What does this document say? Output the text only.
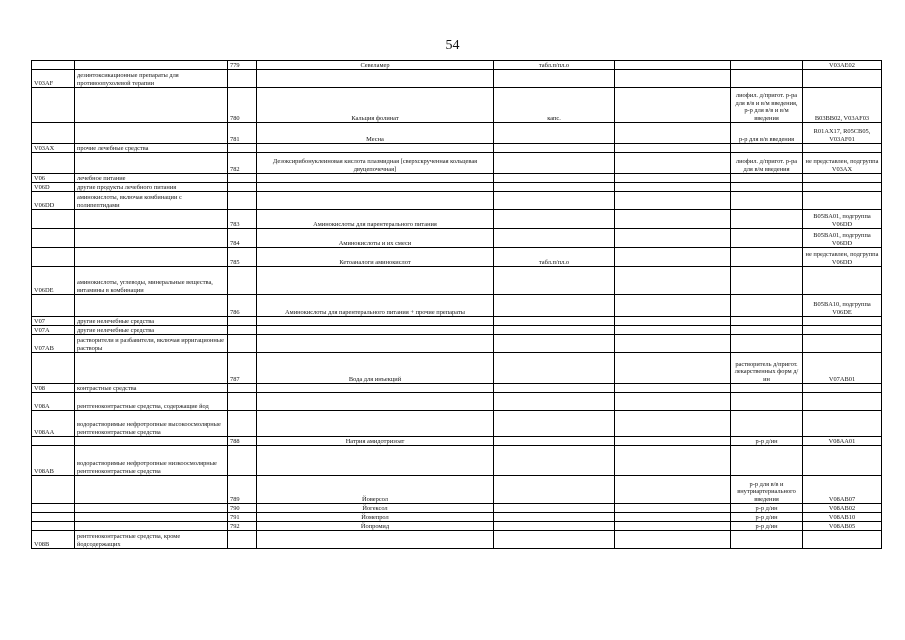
54
		779	Севеламер	табл.п/пл.о			V03AE02
V03AF	дезинтоксикационные препараты для противоопухолевой терапии						
		780	Кальция фолинат	капс.		лиофил. д/пригот. р-ра для в/в и в/м введения, р-р для в/в и в/м введения	B03BB02, V03AF03
		781	Месна			р-р для в/в введения	R01AX17, R05CB05, V03AF01
V03AX	прочие лечебные средства						
		782	Дезоксирибонуклеиновая кислота плазмидная [сверхскрученная кольцевая двуцепочечная]			лиофил. д/пригот. р-ра для в/м введения	не представлен, подгруппа V03AX
V06	лечебное питание						
V06D	другие продукты лечебного питания						
V06DD	аминокислоты, включая комбинации с полипептидами						
		783	Аминокислоты для парентерального питания				B05BA01, подгруппа V06DD
		784	Аминокислоты и их смеси				B05BA01, подгруппа V06DD
		785	Кетоаналоги аминокислот	табл.п/пл.о			не представлен, подгруппа V06DD
V06DE	аминокислоты, углеводы, минеральные вещества, витамины в комбинации						
		786	Аминокислоты для парентерального питания + прочие препараты				B05BA10, подгруппа V06DE
V07	другие нелечебные средства						
V07A	другие нелечебные средства						
V07AB	растворители и разбавители, включая ирригационные растворы						
		787	Вода для инъекций			растворитель д/пригот. лекарственных форм д/ин	V07AB01
V08	контрастные средства						
V08A	рентгеноконтрастные средства, содержащие йод						
V08AA	водорастворимые нефротропные высокоосмолярные рентгеноконтрастные средства						
		788	Натрия амидотризоат			р-р д/ин	V08AA01
V08AB	водорастворимые нефротропные низкоосмолярные рентгеноконтрастные средства						
		789	Йоверсол			р-р для в/в и внутриартериального введения	V08AB07
		790	Йогексол			р-р д/ин	V08AB02
		791	Йомепрол			р-р д/ин	V08AB10
		792	Йопромид			р-р д/ин	V08AB05
V08B	рентгеноконтрастные средства, кроме йодсодержащих						
